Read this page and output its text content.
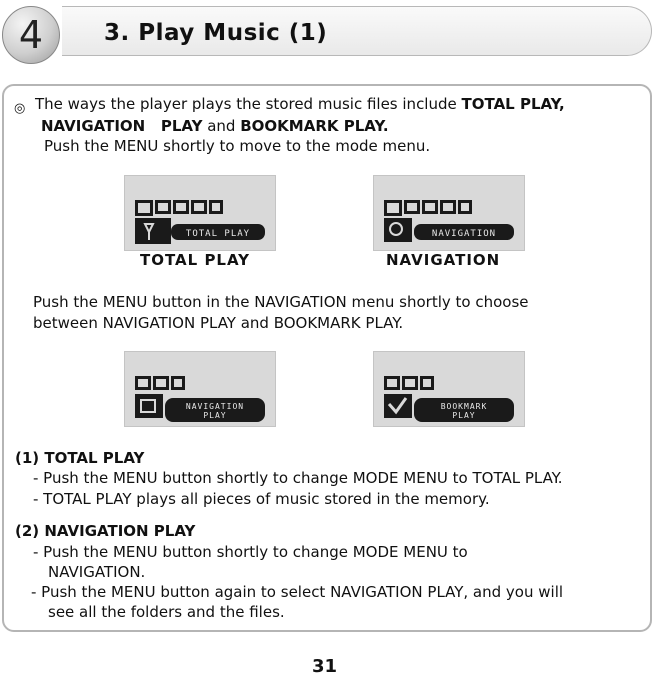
4	3. Play Music (1)
◎ The ways the player plays the stored music files include TOTAL PLAY,
NAVIGATION   PLAY and BOOKMARK PLAY.
Push the MENU shortly to move to the mode menu.
TOTAL PLAY	NAVIGATION
TOTAL PLAY	NAVIGATION
Push the MENU button in the NAVIGATION menu shortly to choose
between NAVIGATION PLAY and BOOKMARK PLAY.
NAVIGATION
PLAY
BOOKMARK
PLAY
(1) TOTAL PLAY
- Push the MENU button shortly to change MODE MENU to TOTAL PLAY.
- TOTAL PLAY plays all pieces of music stored in the memory.
(2) NAVIGATION PLAY
- Push the MENU button shortly to change MODE MENU to
NAVIGATION.
- Push the MENU button again to select NAVIGATION PLAY, and you will
see all the folders and the files.
31
